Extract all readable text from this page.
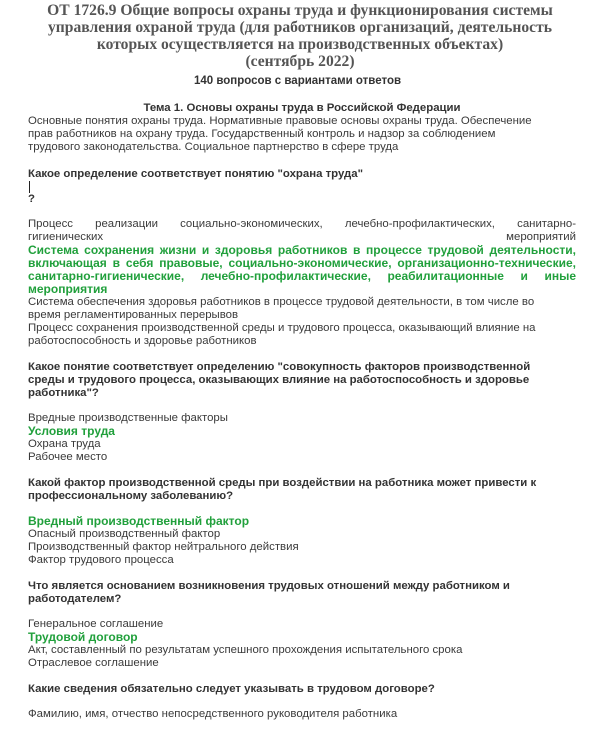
ОТ 1726.9 Общие вопросы охраны труда и функционирования системы
управления охраной труда (для работников организаций, деятельность
которых осуществляется на производственных объектах)
(сентябрь 2022)
140 вопросов с вариантами ответов

Тема 1. Основы охраны труда в Российской Федерации

Основные понятия охраны труда. Нормативные правовые основы охраны труда. Обеспечение
прав работников на охрану труда. Государственный контроль и надзор за соблюдением
трудового законодательства. Социальное партнерство в сфере труда

Какое определение соответствует понятию "охрана труда"
?

Процесс реализации социально-экономических, лечебно-профилактических, санитарно-
гигиенических мероприятий

Система сохранения жизни и здоровья работников в процессе трудовой деятельности,
включающая в себя правовые, социально-экономические, организационно-технические,
санитарно-гигиенические, лечебно-профилактические, реабилитационные и иные
мероприятия

Система обеспечения здоровья работников в процессе трудовой деятельности, в том числе во
время регламентированных перерывов

Процесс сохранения производственной среды и трудового процесса, оказывающий влияние на
работоспособность и здоровье работников

Какое понятие соответствует определению "совокупность факторов производственной
среды и трудового процесса, оказывающих влияние на работоспособность и здоровье
работника"?

Вредные производственные факторы

Условия труда

Охрана труда

Рабочее место

Какой фактор производственной среды при воздействии на работника может привести к
профессиональному заболеванию?

Вредный производственный фактор

Опасный производственный фактор

Производственный фактор нейтрального действия

Фактор трудового процесса

Что является основанием возникновения трудовых отношений между работником и
работодателем?

Генеральное соглашение

Трудовой договор

Акт, составленный по результатам успешного прохождения испытательного срока

Отраслевое соглашение

Какие сведения обязательно следует указывать в трудовом договоре?

Фамилию, имя, отчество непосредственного руководителя работника
